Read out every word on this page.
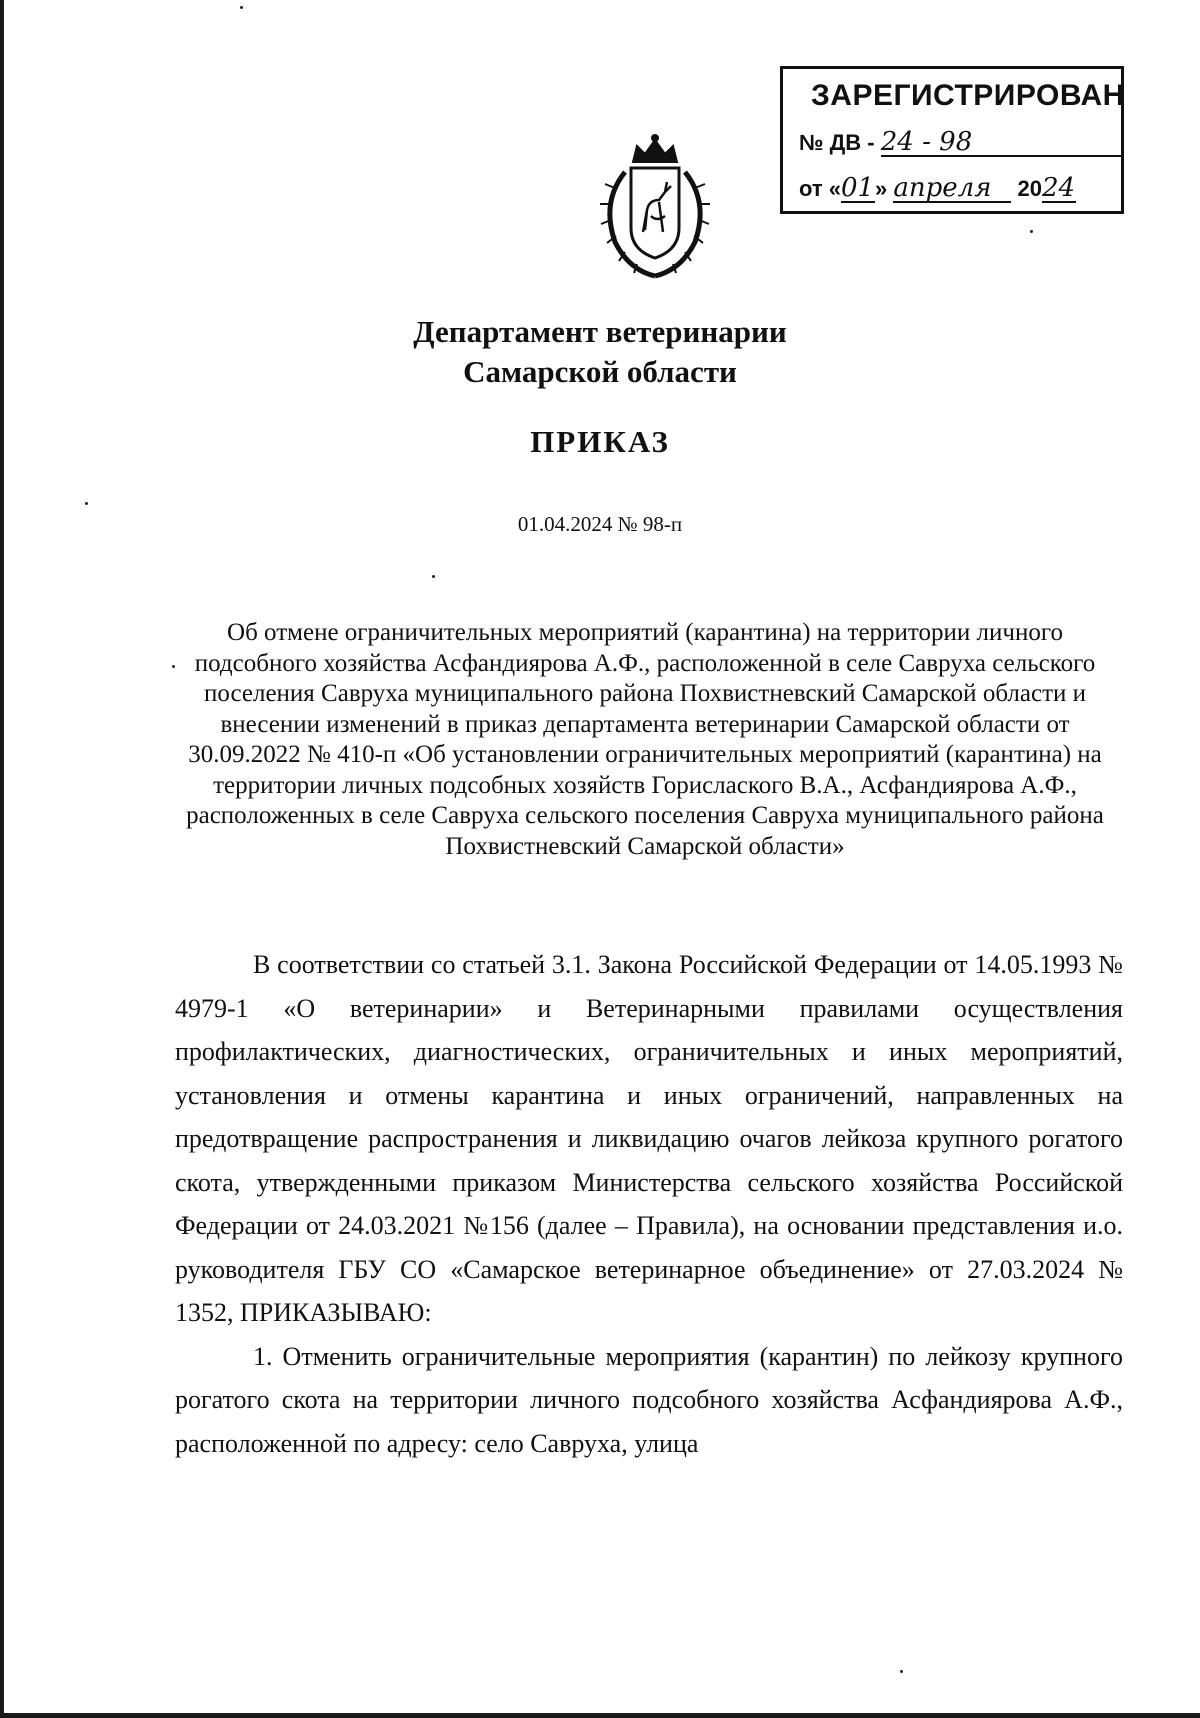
ЗАРЕГИСТРИРОВАН
№ ДВ - 24 - 98
от «01» апреля 2024
Департамент ветеринарии
Самарской области
ПРИКАЗ
01.04.2024 № 98-п
Об отмене ограничительных мероприятий (карантина) на территории личного подсобного хозяйства Асфандиярова А.Ф., расположенной в селе Савруха сельского поселения Савруха муниципального района Похвистневский Самарской области и внесении изменений в приказ департамента ветеринарии Самарской области от 30.09.2022 № 410-п «Об установлении ограничительных мероприятий (карантина) на территории личных подсобных хозяйств Горислаского В.А., Асфандиярова А.Ф., расположенных в селе Савруха сельского поселения Савруха муниципального района Похвистневский Самарской области»

В соответствии со статьей 3.1. Закона Российской Федерации от 14.05.1993 № 4979-1 «О ветеринарии» и Ветеринарными правилами осуществления профилактических, диагностических, ограничительных и иных мероприятий, установления и отмены карантина и иных ограничений, направленных на предотвращение распространения и ликвидацию очагов лейкоза крупного рогатого скота, утвержденными приказом Министерства сельского хозяйства Российской Федерации от 24.03.2021 №156 (далее – Правила), на основании представления и.о. руководителя ГБУ СО «Самарское ветеринарное объединение» от 27.03.2024 № 1352, ПРИКАЗЫВАЮ:

1. Отменить ограничительные мероприятия (карантин) по лейкозу крупного рогатого скота на территории личного подсобного хозяйства Асфандиярова А.Ф., расположенной по адресу: село Савруха, улица
